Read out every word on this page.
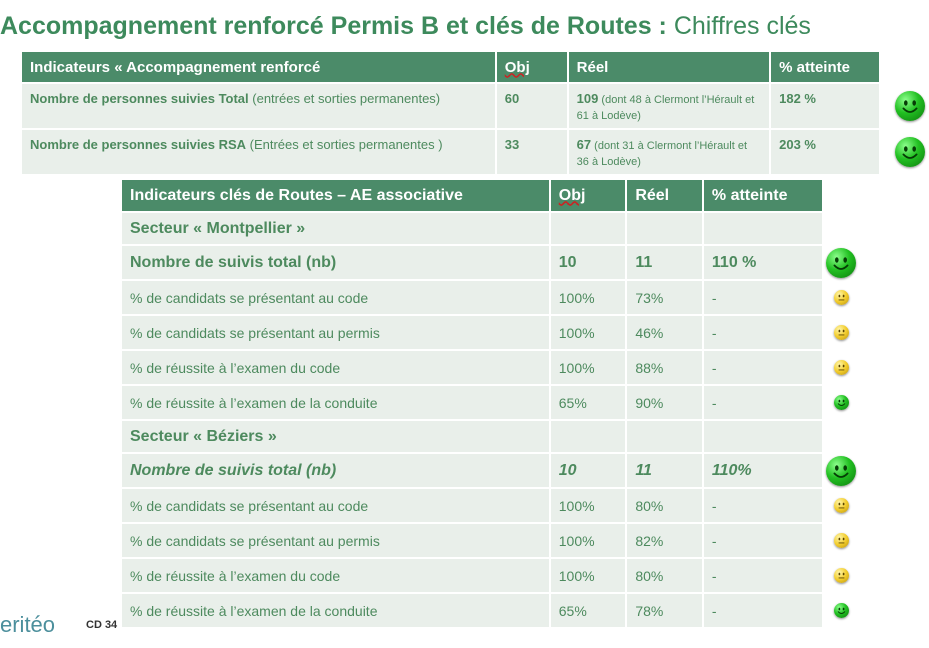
Accompagnement renforcé Permis B et clés de Routes : Chiffres clés
Indicateurs « Accompagnement renforcé	Obj	Réel	% atteinte
Nombre de personnes suivies Total (entrées et sorties permanentes)	60	109 (dont 48 à Clermont l’Hérault et 61 à Lodève)	182 %
Nombre de personnes suivies RSA (Entrées et sorties permanentes )	33	67 (dont 31 à Clermont l’Hérault et 36 à Lodève)	203 %
Indicateurs clés de Routes – AE associative	Obj	Réel	% atteinte
Secteur « Montpellier »			
Nombre de suivis total (nb)	10	11	110 %
% de candidats se présentant au code	100%	73%	-
% de candidats se présentant au permis	100%	46%	-
% de réussite à l’examen du code	100%	88%	-
% de réussite à l’examen de la conduite	65%	90%	-
Secteur « Béziers »			
Nombre de suivis total (nb)	10	11	110%
% de candidats se présentant au code	100%	80%	-
% de candidats se présentant au permis	100%	82%	-
% de réussite à l’examen du code	100%	80%	-
% de réussite à l’examen de la conduite	65%	78%	-
eritéo	CD 34
